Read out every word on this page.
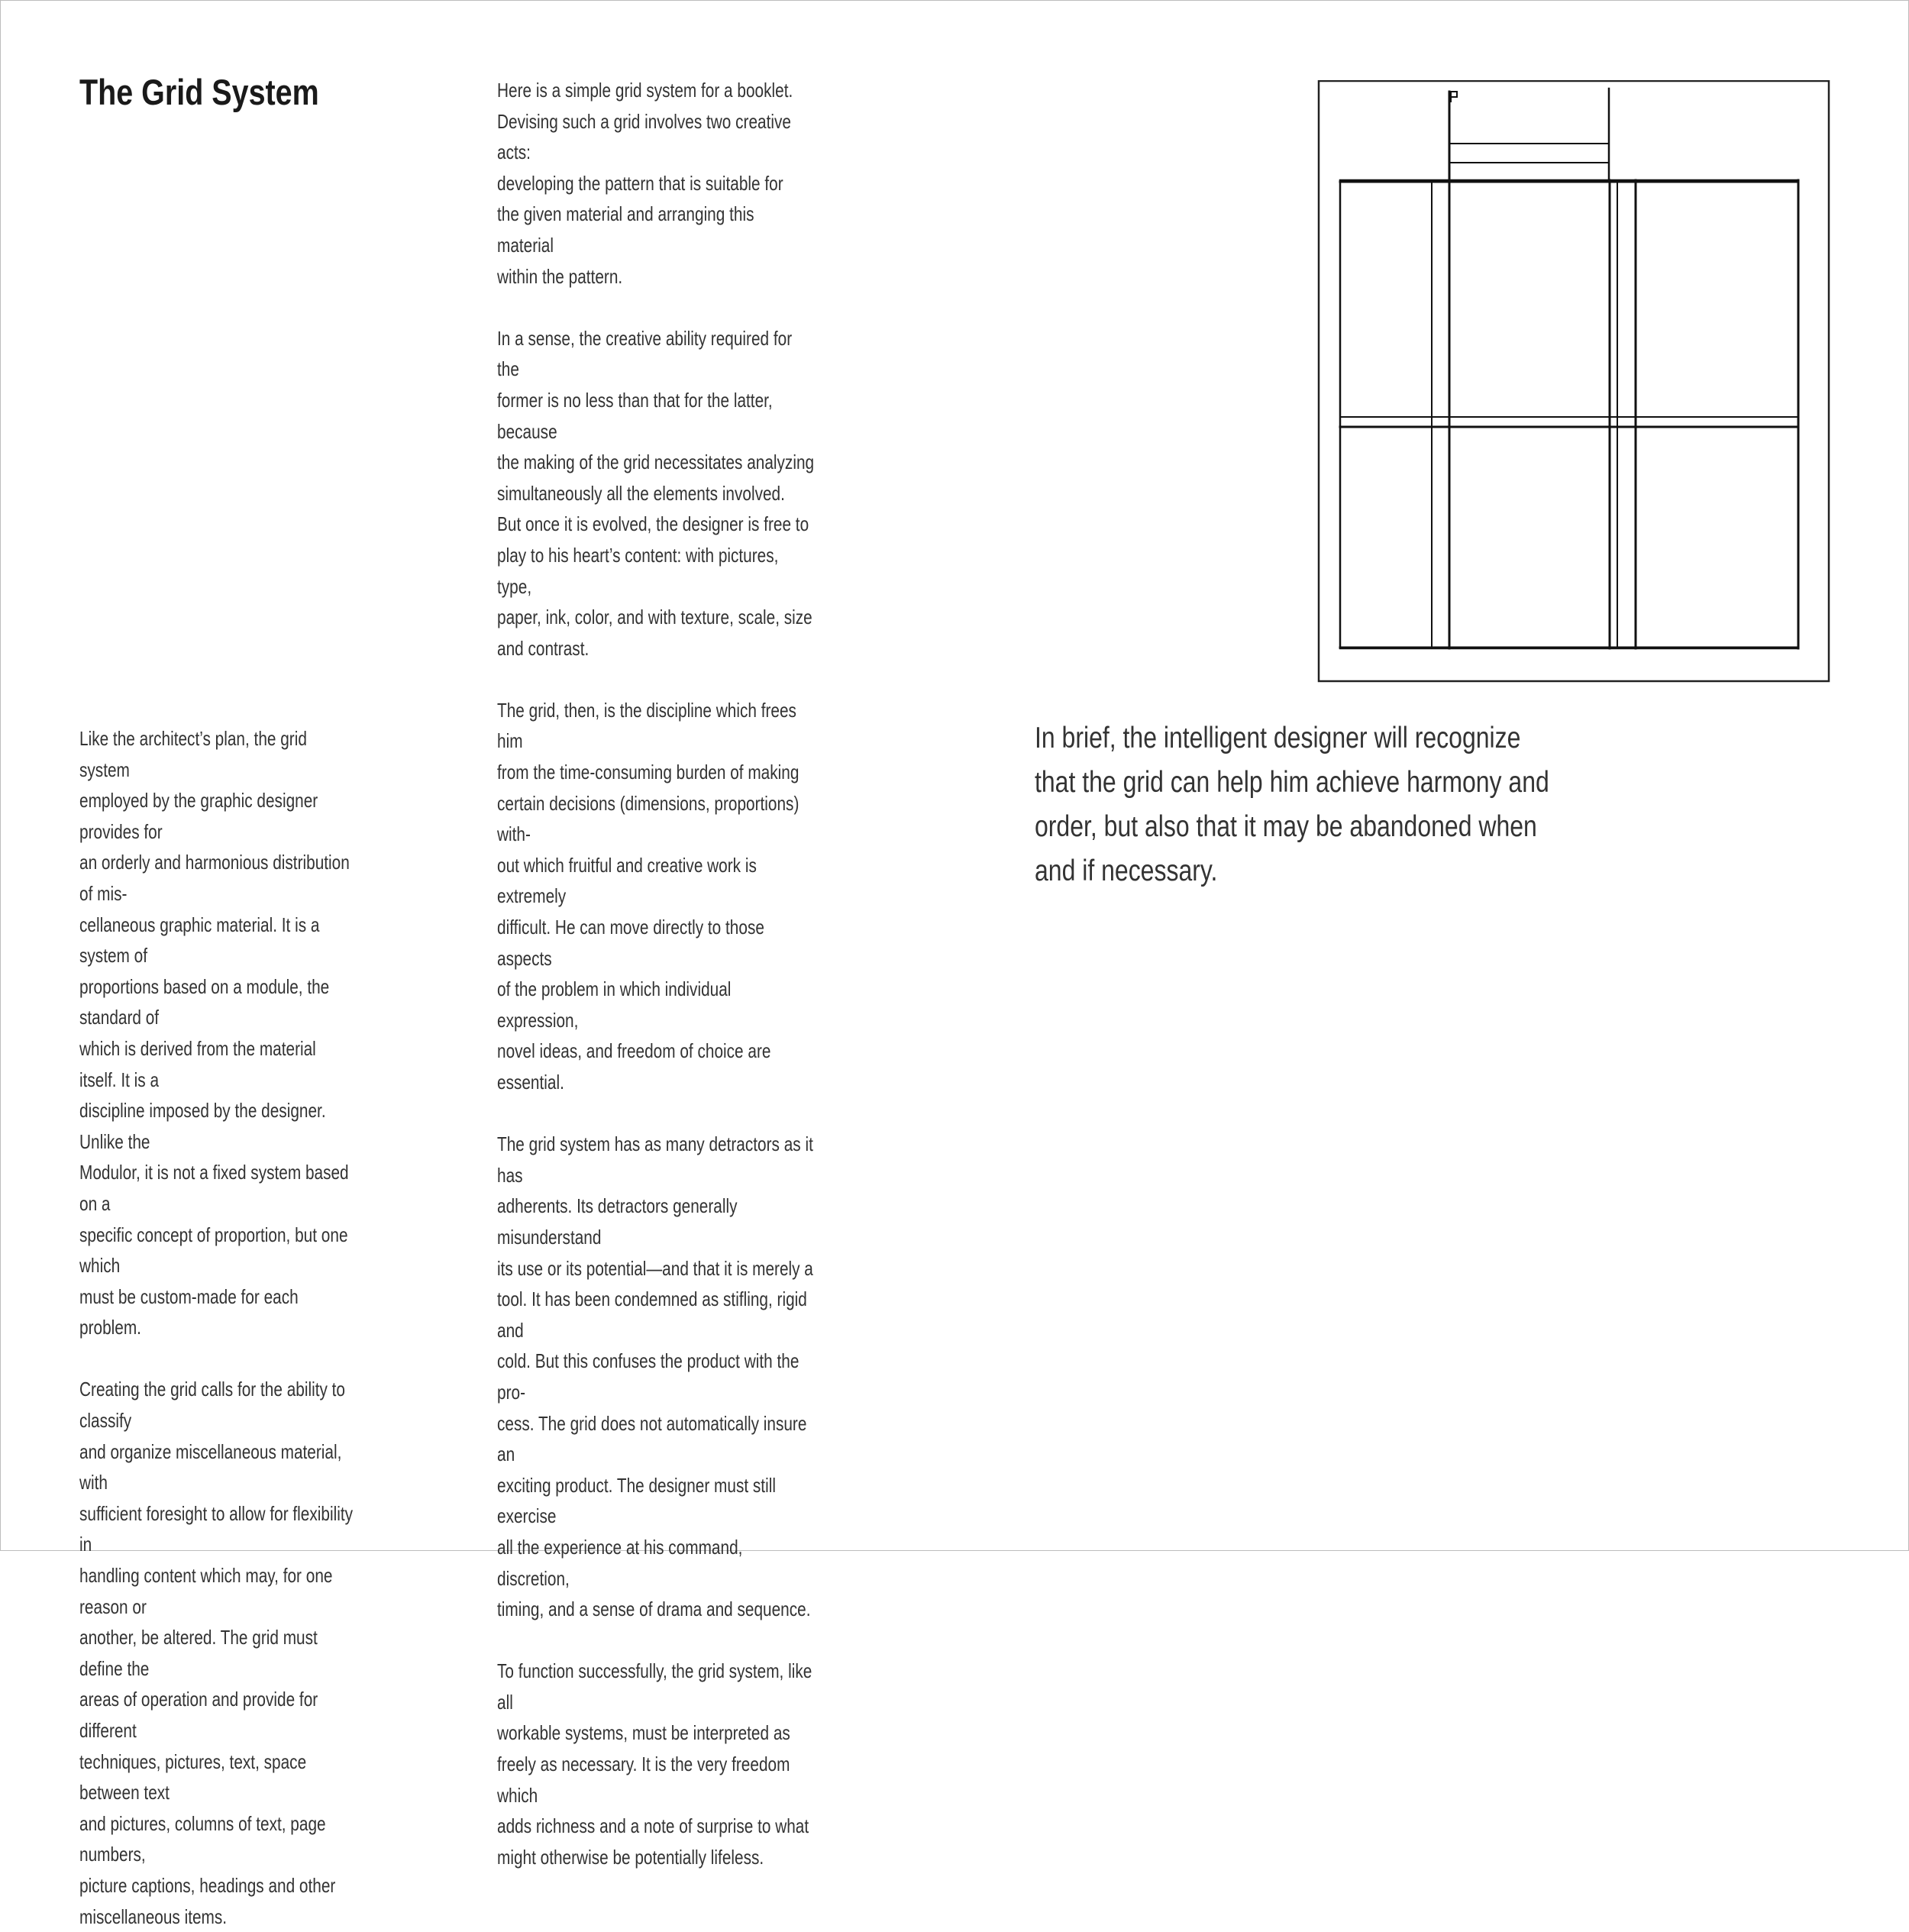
The Grid System

Like the architect’s plan, the grid system
employed by the graphic designer provides for
an orderly and harmonious distribution of mis-
cellaneous graphic material. It is a system of
proportions based on a module, the standard of
which is derived from the material itself. It is a
discipline imposed by the designer. Unlike the
Modulor, it is not a fixed system based on a
specific concept of proportion, but one which
must be custom-made for each problem.

Creating the grid calls for the ability to classify
and organize miscellaneous material, with
sufficient foresight to allow for flexibility in
handling content which may, for one reason or
another, be altered. The grid must define the
areas of operation and provide for different
techniques, pictures, text, space between text
and pictures, columns of text, page numbers,
picture captions, headings and other
miscellaneous items.

Here is a simple grid system for a booklet.
Devising such a grid involves two creative acts:
developing the pattern that is suitable for
the given material and arranging this material
within the pattern.

In a sense, the creative ability required for the
former is no less than that for the latter, because
the making of the grid necessitates analyzing
simultaneously all the elements involved.
But once it is evolved, the designer is free to
play to his heart’s content: with pictures, type,
paper, ink, color, and with texture, scale, size
and contrast.

The grid, then, is the discipline which frees him
from the time-consuming burden of making
certain decisions (dimensions, proportions) with-
out which fruitful and creative work is extremely
difficult. He can move directly to those aspects
of the problem in which individual expression,
novel ideas, and freedom of choice are essential.

The grid system has as many detractors as it has
adherents. Its detractors generally misunderstand
its use or its potential—and that it is merely a
tool. It has been condemned as stifling, rigid and
cold. But this confuses the product with the pro-
cess. The grid does not automatically insure an
exciting product. The designer must still exercise
all the experience at his command, discretion,
timing, and a sense of drama and sequence.

To function successfully, the grid system, like all
workable systems, must be interpreted as
freely as necessary. It is the very freedom which
adds richness and a note of surprise to what
might otherwise be potentially lifeless.

In brief, the intelligent designer will recognize
that the grid can help him achieve harmony and
order, but also that it may be abandoned when
and if necessary.
